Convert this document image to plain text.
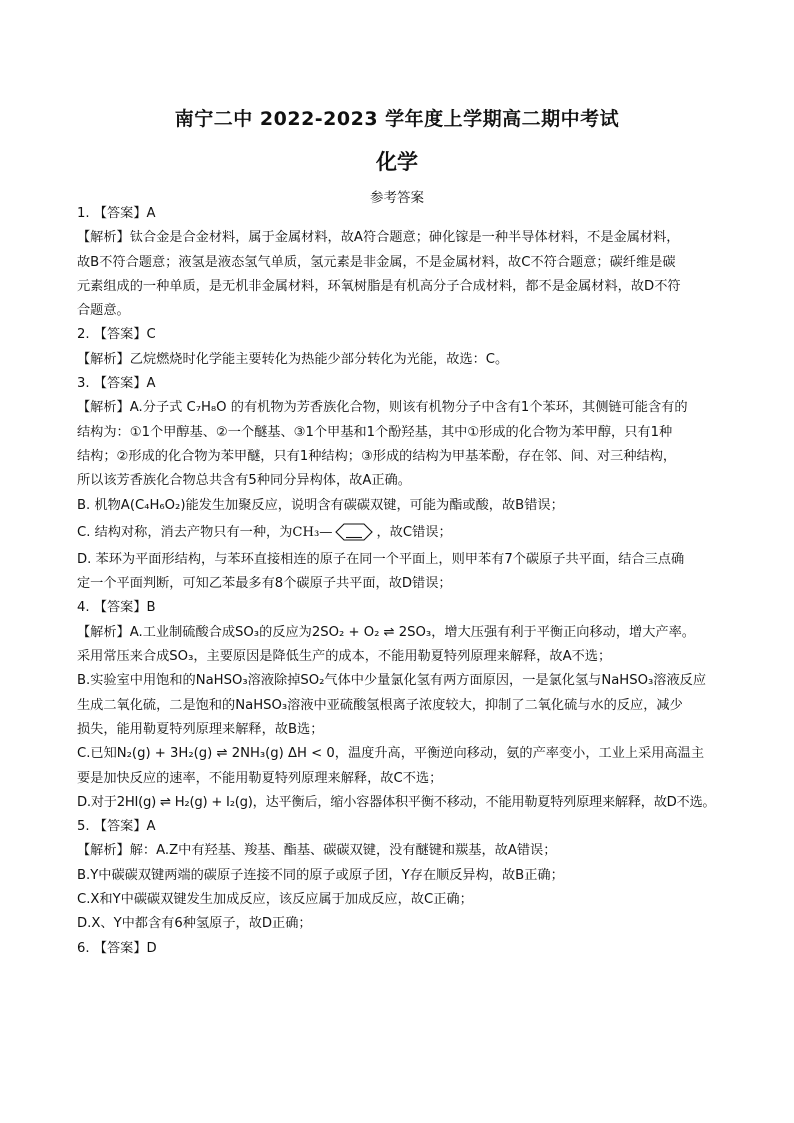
南宁二中 2022-2023 学年度上学期高二期中考试
化学
参考答案
1. 【答案】A
【解析】钛合金是合金材料，属于金属材料，故A符合题意；砷化镓是一种半导体材料，不是金属材料，
故B不符合题意；液氢是液态氢气单质，氢元素是非金属，不是金属材料，故C不符合题意；碳纤维是碳
元素组成的一种单质，是无机非金属材料，环氧树脂是有机高分子合成材料，都不是金属材料，故D不符
合题意。
2. 【答案】C
【解析】乙烷燃烧时化学能主要转化为热能少部分转化为光能，故选：C。
3. 【答案】A
【解析】A.分子式 C₇H₈O 的有机物为芳香族化合物，则该有机物分子中含有1个苯环，其侧链可能含有的
结构为：①1个甲醇基、②一个醚基、③1个甲基和1个酚羟基，其中①形成的化合物为苯甲醇，只有1种
结构；②形成的化合物为苯甲醚，只有1种结构；③形成的结构为甲基苯酚，存在邻、间、对三种结构，
所以该芳香族化合物总共含有5种同分异构体，故A正确。
B. 机物A(C₄H₆O₂)能发生加聚反应，说明含有碳碳双键，可能为酯或酸，故B错误；
C. 结构对称，消去产物只有一种，为CH₃—	，故C错误；
D. 苯环为平面形结构，与苯环直接相连的原子在同一个平面上，则甲苯有7个碳原子共平面，结合三点确
定一个平面判断，可知乙苯最多有8个碳原子共平面，故D错误；
4. 【答案】B
【解析】A.工业制硫酸合成SO₃的反应为2SO₂ + O₂ ⇌ 2SO₃，增大压强有利于平衡正向移动，增大产率。
采用常压来合成SO₃，主要原因是降低生产的成本，不能用勒夏特列原理来解释，故A不选；
B.实验室中用饱和的NaHSO₃溶液除掉SO₂气体中少量氯化氢有两方面原因，一是氯化氢与NaHSO₃溶液反应
生成二氧化硫，二是饱和的NaHSO₃溶液中亚硫酸氢根离子浓度较大，抑制了二氧化硫与水的反应，减少
损失，能用勒夏特列原理来解释，故B选；
C.已知N₂(g) + 3H₂(g) ⇌ 2NH₃(g) ΔH < 0，温度升高，平衡逆向移动，氨的产率变小，工业上采用高温主
要是加快反应的速率，不能用勒夏特列原理来解释，故C不选；
D.对于2HI(g) ⇌ H₂(g) + I₂(g)，达平衡后，缩小容器体积平衡不移动，不能用勒夏特列原理来解释，故D不选。
5. 【答案】A
【解析】解：A.Z中有羟基、羧基、酯基、碳碳双键，没有醚键和羰基，故A错误；
B.Y中碳碳双键两端的碳原子连接不同的原子或原子团，Y存在顺反异构，故B正确；
C.X和Y中碳碳双键发生加成反应，该反应属于加成反应，故C正确；
D.X、Y中都含有6种氢原子，故D正确；
6. 【答案】D
